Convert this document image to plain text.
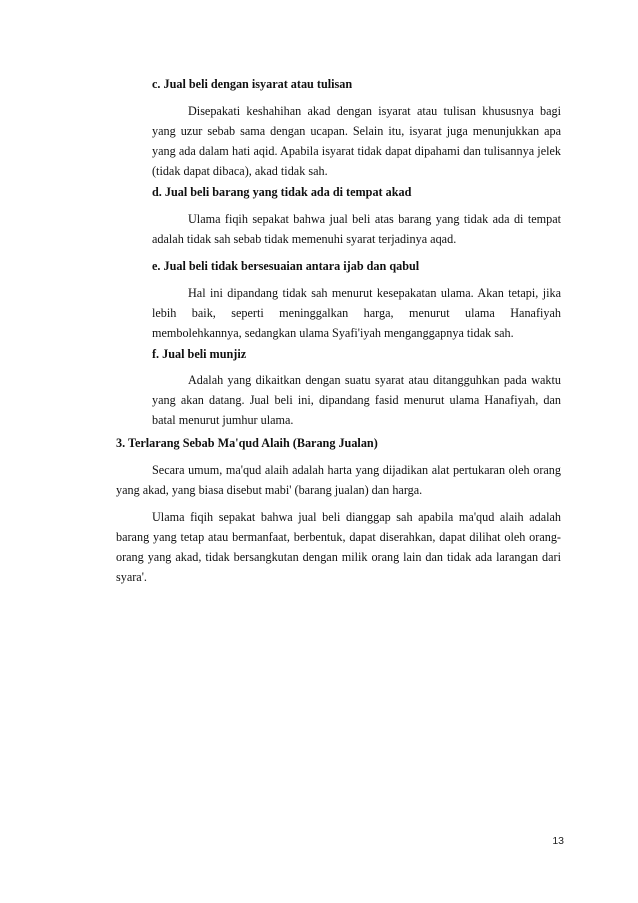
c. Jual beli dengan isyarat atau tulisan

Disepakati keshahihan akad dengan isyarat atau tulisan khususnya bagi yang uzur sebab sama dengan ucapan. Selain itu, isyarat juga menunjukkan apa yang ada dalam hati aqid. Apabila isyarat tidak dapat dipahami dan tulisannya jelek (tidak dapat dibaca), akad tidak sah.

d. Jual beli barang yang tidak ada di tempat akad

Ulama fiqih sepakat bahwa jual beli atas barang yang tidak ada di tempat adalah tidak sah sebab tidak memenuhi syarat terjadinya aqad.

e. Jual beli tidak bersesuaian antara ijab dan qabul

Hal ini dipandang tidak sah menurut kesepakatan ulama. Akan tetapi, jika lebih baik, seperti meninggalkan harga, menurut ulama Hanafiyah membolehkannya, sedangkan ulama Syafi'iyah menganggapnya tidak sah.

f. Jual beli munjiz

Adalah yang dikaitkan dengan suatu syarat atau ditangguhkan pada waktu yang akan datang. Jual beli ini, dipandang fasid menurut ulama Hanafiyah, dan batal menurut jumhur ulama.

3. Terlarang Sebab Ma'qud Alaih (Barang Jualan)

Secara umum, ma'qud alaih adalah harta yang dijadikan alat pertukaran oleh orang yang akad, yang biasa disebut mabi' (barang jualan) dan harga.

Ulama fiqih sepakat bahwa jual beli dianggap sah apabila ma'qud alaih adalah barang yang tetap atau bermanfaat, berbentuk, dapat diserahkan, dapat dilihat oleh orang-orang yang akad, tidak bersangkutan dengan milik orang lain dan tidak ada larangan dari syara'.

13
